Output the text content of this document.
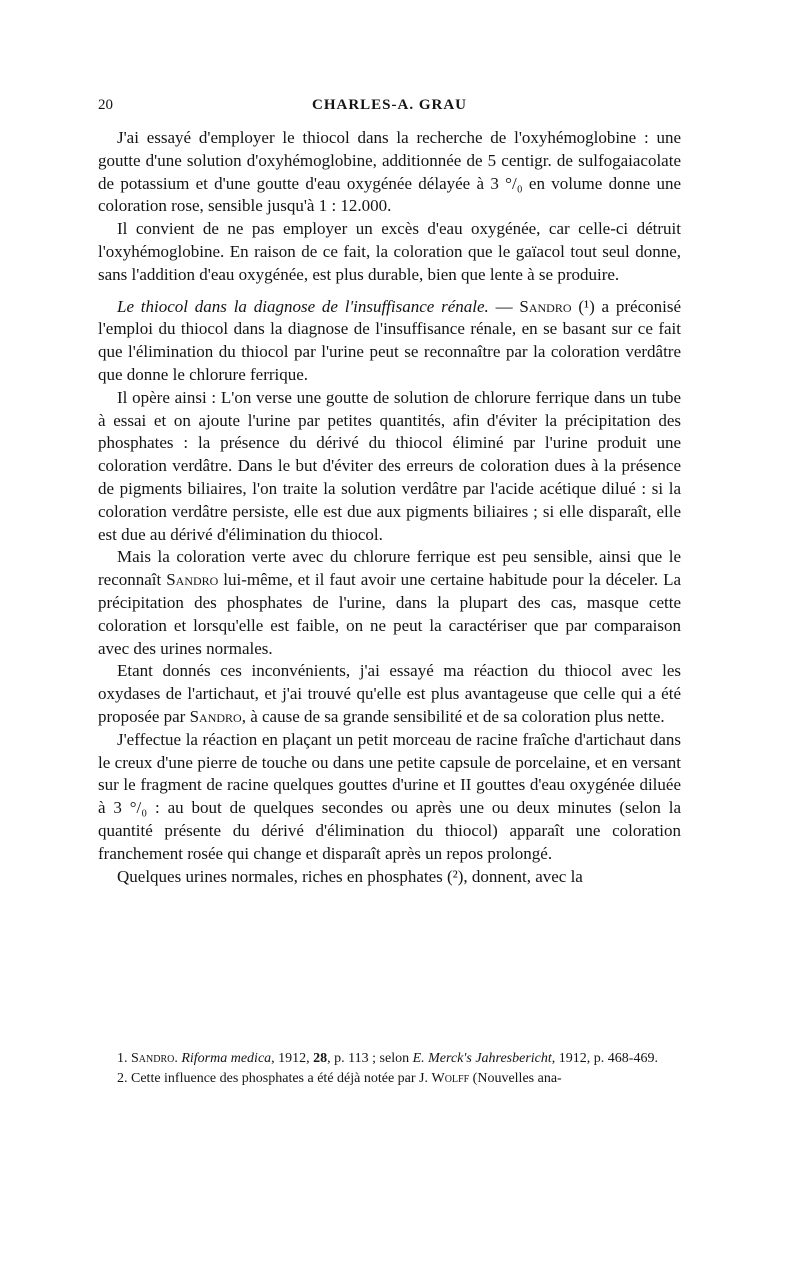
20	CHARLES-A. GRAU

J'ai essayé d'employer le thiocol dans la recherche de l'oxyhémoglobine : une goutte d'une solution d'oxyhémoglobine, additionnée de 5 centigr. de sulfogaiacolate de potassium et d'une goutte d'eau oxygénée délayée à 3 °/₀ en volume donne une coloration rose, sensible jusqu'à 1 : 12.000.

Il convient de ne pas employer un excès d'eau oxygénée, car celle-ci détruit l'oxyhémoglobine. En raison de ce fait, la coloration que le gaïacol tout seul donne, sans l'addition d'eau oxygénée, est plus durable, bien que lente à se produire.

Le thiocol dans la diagnose de l'insuffisance rénale. — Sandro (¹) a préconisé l'emploi du thiocol dans la diagnose de l'insuffisance rénale, en se basant sur ce fait que l'élimination du thiocol par l'urine peut se reconnaître par la coloration verdâtre que donne le chlorure ferrique.

Il opère ainsi : L'on verse une goutte de solution de chlorure ferrique dans un tube à essai et on ajoute l'urine par petites quantités, afin d'éviter la précipitation des phosphates : la présence du dérivé du thiocol éliminé par l'urine produit une coloration verdâtre. Dans le but d'éviter des erreurs de coloration dues à la présence de pigments biliaires, l'on traite la solution verdâtre par l'acide acétique dilué : si la coloration verdâtre persiste, elle est due aux pigments biliaires ; si elle disparaît, elle est due au dérivé d'élimination du thiocol.

Mais la coloration verte avec du chlorure ferrique est peu sensible, ainsi que le reconnaît Sandro lui-même, et il faut avoir une certaine habitude pour la déceler. La précipitation des phosphates de l'urine, dans la plupart des cas, masque cette coloration et lorsqu'elle est faible, on ne peut la caractériser que par comparaison avec des urines normales.

Etant donnés ces inconvénients, j'ai essayé ma réaction du thiocol avec les oxydases de l'artichaut, et j'ai trouvé qu'elle est plus avantageuse que celle qui a été proposée par Sandro, à cause de sa grande sensibilité et de sa coloration plus nette.

J'effectue la réaction en plaçant un petit morceau de racine fraîche d'artichaut dans le creux d'une pierre de touche ou dans une petite capsule de porcelaine, et en versant sur le fragment de racine quelques gouttes d'urine et II gouttes d'eau oxygénée diluée à 3 °/₀ : au bout de quelques secondes ou après une ou deux minutes (selon la quantité présente du dérivé d'élimination du thiocol) apparaît une coloration franchement rosée qui change et disparaît après un repos prolongé.

Quelques urines normales, riches en phosphates (²), donnent, avec la

1. Sandro. Riforma medica, 1912, 28, p. 113 ; selon E. Merck's Jahresbericht, 1912, p. 468-469.

2. Cette influence des phosphates a été déjà notée par J. Wolff (Nouvelles ana-
